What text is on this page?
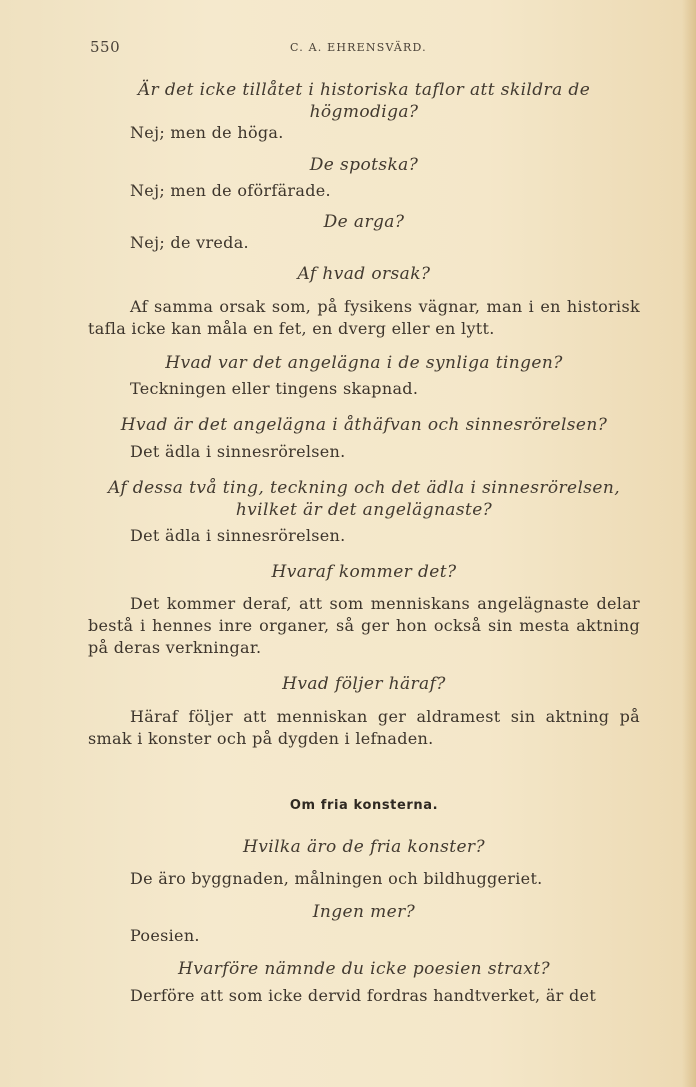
550	C. A. EHRENSVÄRD.
Är det icke tillåtet i historiska taflor att skildra de högmodiga?
Nej; men de höga.
De spotska?
Nej; men de oförfärade.
De arga?
Nej; de vreda.
Af hvad orsak?
Af samma orsak som, på fysikens vägnar, man i en historisk tafla icke kan måla en fet, en dverg eller en lytt.
Hvad var det angelägna i de synliga tingen?
Teckningen eller tingens skapnad.
Hvad är det angelägna i åthäfvan och sinnesrörelsen?
Det ädla i sinnesrörelsen.
Af dessa två ting, teckning och det ädla i sinnesrörelsen, hvilket är det angelägnaste?
Det ädla i sinnesrörelsen.
Hvaraf kommer det?
Det kommer deraf, att som menniskans angelägnaste delar bestå i hennes inre organer, så ger hon också sin mesta aktning på deras verkningar.
Hvad följer häraf?
Häraf följer att menniskan ger aldramest sin aktning på smak i konster och på dygden i lefnaden.
Om fria konsterna.
Hvilka äro de fria konster?
De äro byggnaden, målningen och bildhuggeriet.
Ingen mer?
Poesien.
Hvarföre nämnde du icke poesien straxt?
Derföre att som icke dervid fordras handtverket, är det
